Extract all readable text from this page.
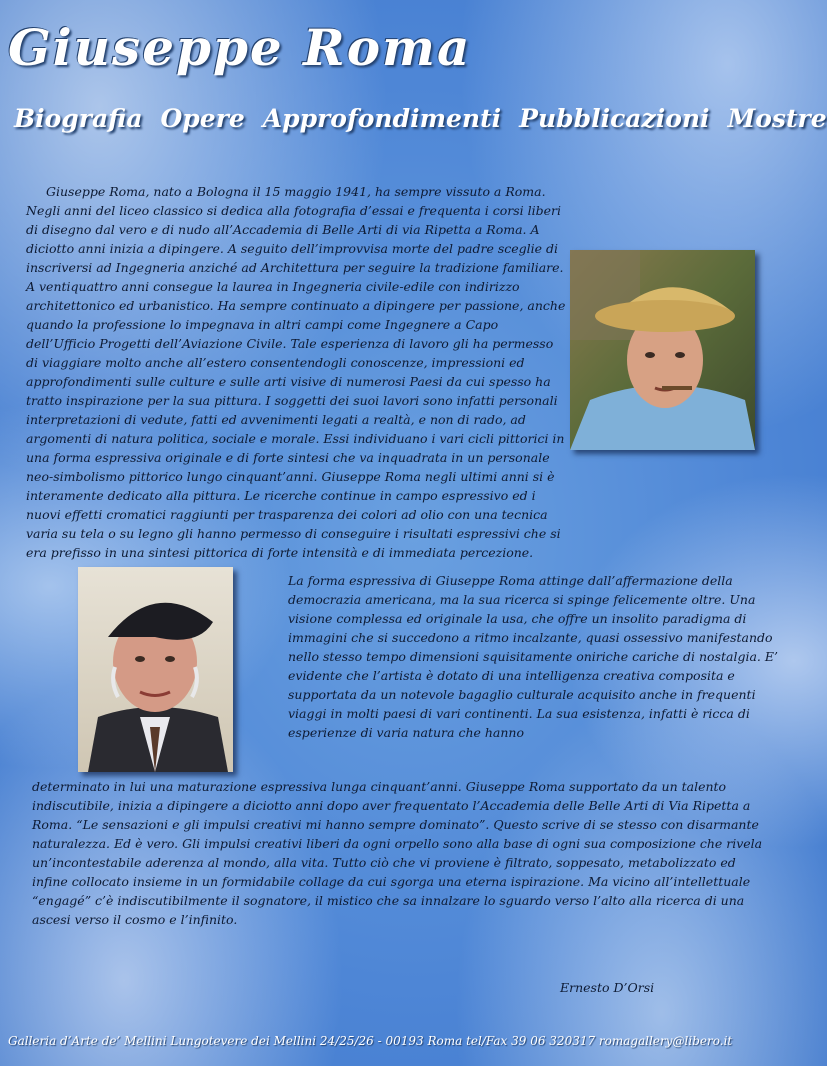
Giuseppe Roma
Biografia Opere Approfondimenti Pubblicazioni Mostre

Giuseppe Roma, nato a Bologna il 15 maggio 1941, ha sempre vissuto a Roma. Negli anni del liceo classico si dedica alla fotografia d’essai e frequenta i corsi liberi di disegno dal vero e di nudo all’Accademia di Belle Arti di via Ripetta a Roma. A diciotto anni inizia a dipingere. A seguito dell’improvvisa morte del padre sceglie di inscriversi ad Ingegneria anziché ad Architettura per seguire la tradizione familiare. A ventiquattro anni consegue la laurea in Ingegneria civile-edile con indirizzo architettonico ed urbanistico. Ha sempre continuato a dipingere per passione, anche quando la professione lo impegnava in altri campi come Ingegnere a Capo dell’Ufficio Progetti dell’Aviazione Civile. Tale esperienza di lavoro gli ha permesso di viaggiare molto anche all’estero consentendogli conoscenze, impressioni ed approfondimenti sulle culture e sulle arti visive di numerosi Paesi da cui spesso ha tratto inspirazione per la sua pittura. I soggetti dei suoi lavori sono infatti personali interpretazioni di vedute, fatti ed avvenimenti legati a realtà, e non di rado, ad argomenti di natura politica, sociale e morale. Essi individuano i vari cicli pittorici in una forma espressiva originale e di forte sintesi che va inquadrata in un personale neo-simbolismo pittorico lungo cinquant’anni. Giuseppe Roma negli ultimi anni si è interamente dedicato alla pittura. Le ricerche continue in campo espressivo ed i nuovi effetti cromatici raggiunti per trasparenza dei colori ad olio con una tecnica varia su tela o su legno gli hanno permesso di conseguire i risultati espressivi che si era prefisso in una sintesi pittorica di forte intensità e di immediata percezione.

La forma espressiva di Giuseppe Roma attinge dall’affermazione della democrazia americana, ma la sua ricerca si spinge felicemente oltre. Una visione complessa ed originale la usa, che offre un insolito paradigma di immagini che si succedono a ritmo incalzante, quasi ossessivo manifestando nello stesso tempo dimensioni squisitamente oniriche cariche di nostalgia. E’ evidente che l’artista è dotato di una intelligenza creativa composita e supportata da un notevole bagaglio culturale acquisito anche in frequenti viaggi in molti paesi di vari continenti. La sua esistenza, infatti è ricca di esperienze di varia natura che hanno

determinato in lui una maturazione espressiva lunga cinquant’anni. Giuseppe Roma supportato da un talento indiscutibile, inizia a dipingere a diciotto anni dopo aver frequentato l’Accademia delle Belle Arti di Via Ripetta a Roma. “Le sensazioni e gli impulsi creativi mi hanno sempre dominato”. Questo scrive di se stesso con disarmante naturalezza. Ed è vero. Gli impulsi creativi liberi da ogni orpello sono alla base di ogni sua composizione che rivela un’incontestabile aderenza al mondo, alla vita. Tutto ciò che vi proviene è filtrato, soppesato, metabolizzato ed infine collocato insieme in un formidabile collage da cui sgorga una eterna ispirazione. Ma vicino all’intellettuale “engagé” c’è indiscutibilmente il sognatore, il mistico che sa innalzare lo sguardo verso l’alto alla ricerca di una ascesi verso il cosmo e l’infinito.

Ernesto D’Orsi
Galleria d’Arte de’ Mellini Lungotevere dei Mellini 24/25/26 - 00193 Roma tel/Fax 39 06 320317 romagallery@libero.it
